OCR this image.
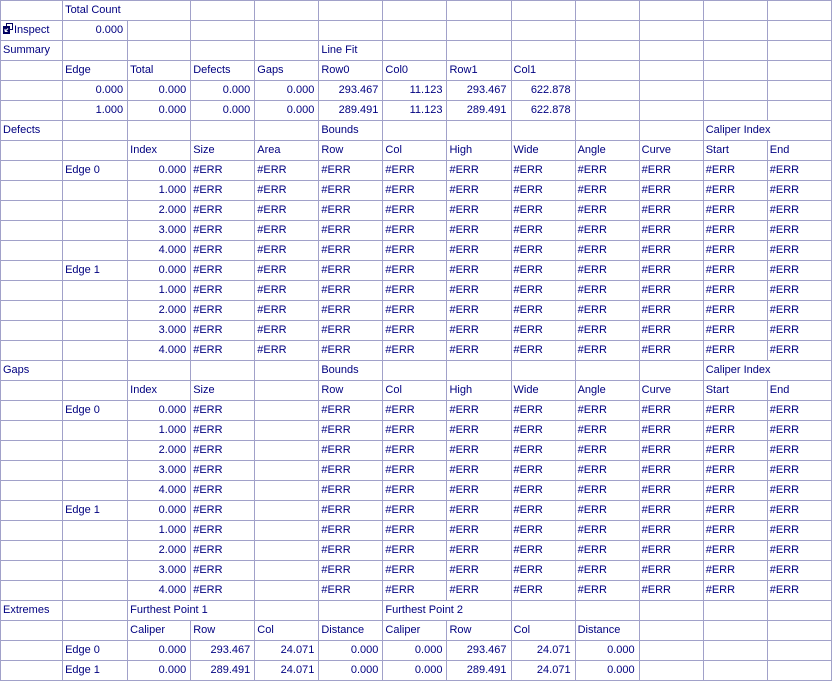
	Total Count											

Inspect	0.000											
Summary					Line Fit							
	Edge	Total	Defects	Gaps	Row0	Col0	Row1	Col1				
	0.000	0.000	0.000	0.000	293.467	11.123	293.467	622.878				
	1.000	0.000	0.000	0.000	289.491	11.123	289.491	622.878				
Defects					Bounds						Caliper Index	
		Index	Size	Area	Row	Col	High	Wide	Angle	Curve	Start	End
	Edge 0	0.000	#ERR	#ERR	#ERR	#ERR	#ERR	#ERR	#ERR	#ERR	#ERR	#ERR
		1.000	#ERR	#ERR	#ERR	#ERR	#ERR	#ERR	#ERR	#ERR	#ERR	#ERR
		2.000	#ERR	#ERR	#ERR	#ERR	#ERR	#ERR	#ERR	#ERR	#ERR	#ERR
		3.000	#ERR	#ERR	#ERR	#ERR	#ERR	#ERR	#ERR	#ERR	#ERR	#ERR
		4.000	#ERR	#ERR	#ERR	#ERR	#ERR	#ERR	#ERR	#ERR	#ERR	#ERR
	Edge 1	0.000	#ERR	#ERR	#ERR	#ERR	#ERR	#ERR	#ERR	#ERR	#ERR	#ERR
		1.000	#ERR	#ERR	#ERR	#ERR	#ERR	#ERR	#ERR	#ERR	#ERR	#ERR
		2.000	#ERR	#ERR	#ERR	#ERR	#ERR	#ERR	#ERR	#ERR	#ERR	#ERR
		3.000	#ERR	#ERR	#ERR	#ERR	#ERR	#ERR	#ERR	#ERR	#ERR	#ERR
		4.000	#ERR	#ERR	#ERR	#ERR	#ERR	#ERR	#ERR	#ERR	#ERR	#ERR
Gaps					Bounds						Caliper Index	
		Index	Size		Row	Col	High	Wide	Angle	Curve	Start	End
	Edge 0	0.000	#ERR		#ERR	#ERR	#ERR	#ERR	#ERR	#ERR	#ERR	#ERR
		1.000	#ERR		#ERR	#ERR	#ERR	#ERR	#ERR	#ERR	#ERR	#ERR
		2.000	#ERR		#ERR	#ERR	#ERR	#ERR	#ERR	#ERR	#ERR	#ERR
		3.000	#ERR		#ERR	#ERR	#ERR	#ERR	#ERR	#ERR	#ERR	#ERR
		4.000	#ERR		#ERR	#ERR	#ERR	#ERR	#ERR	#ERR	#ERR	#ERR
	Edge 1	0.000	#ERR		#ERR	#ERR	#ERR	#ERR	#ERR	#ERR	#ERR	#ERR
		1.000	#ERR		#ERR	#ERR	#ERR	#ERR	#ERR	#ERR	#ERR	#ERR
		2.000	#ERR		#ERR	#ERR	#ERR	#ERR	#ERR	#ERR	#ERR	#ERR
		3.000	#ERR		#ERR	#ERR	#ERR	#ERR	#ERR	#ERR	#ERR	#ERR
		4.000	#ERR		#ERR	#ERR	#ERR	#ERR	#ERR	#ERR	#ERR	#ERR
Extremes		Furthest Point 1				Furthest Point 2						
		Caliper	Row	Col	Distance	Caliper	Row	Col	Distance			
	Edge 0	0.000	293.467	24.071	0.000	0.000	293.467	24.071	0.000			
	Edge 1	0.000	289.491	24.071	0.000	0.000	289.491	24.071	0.000			
